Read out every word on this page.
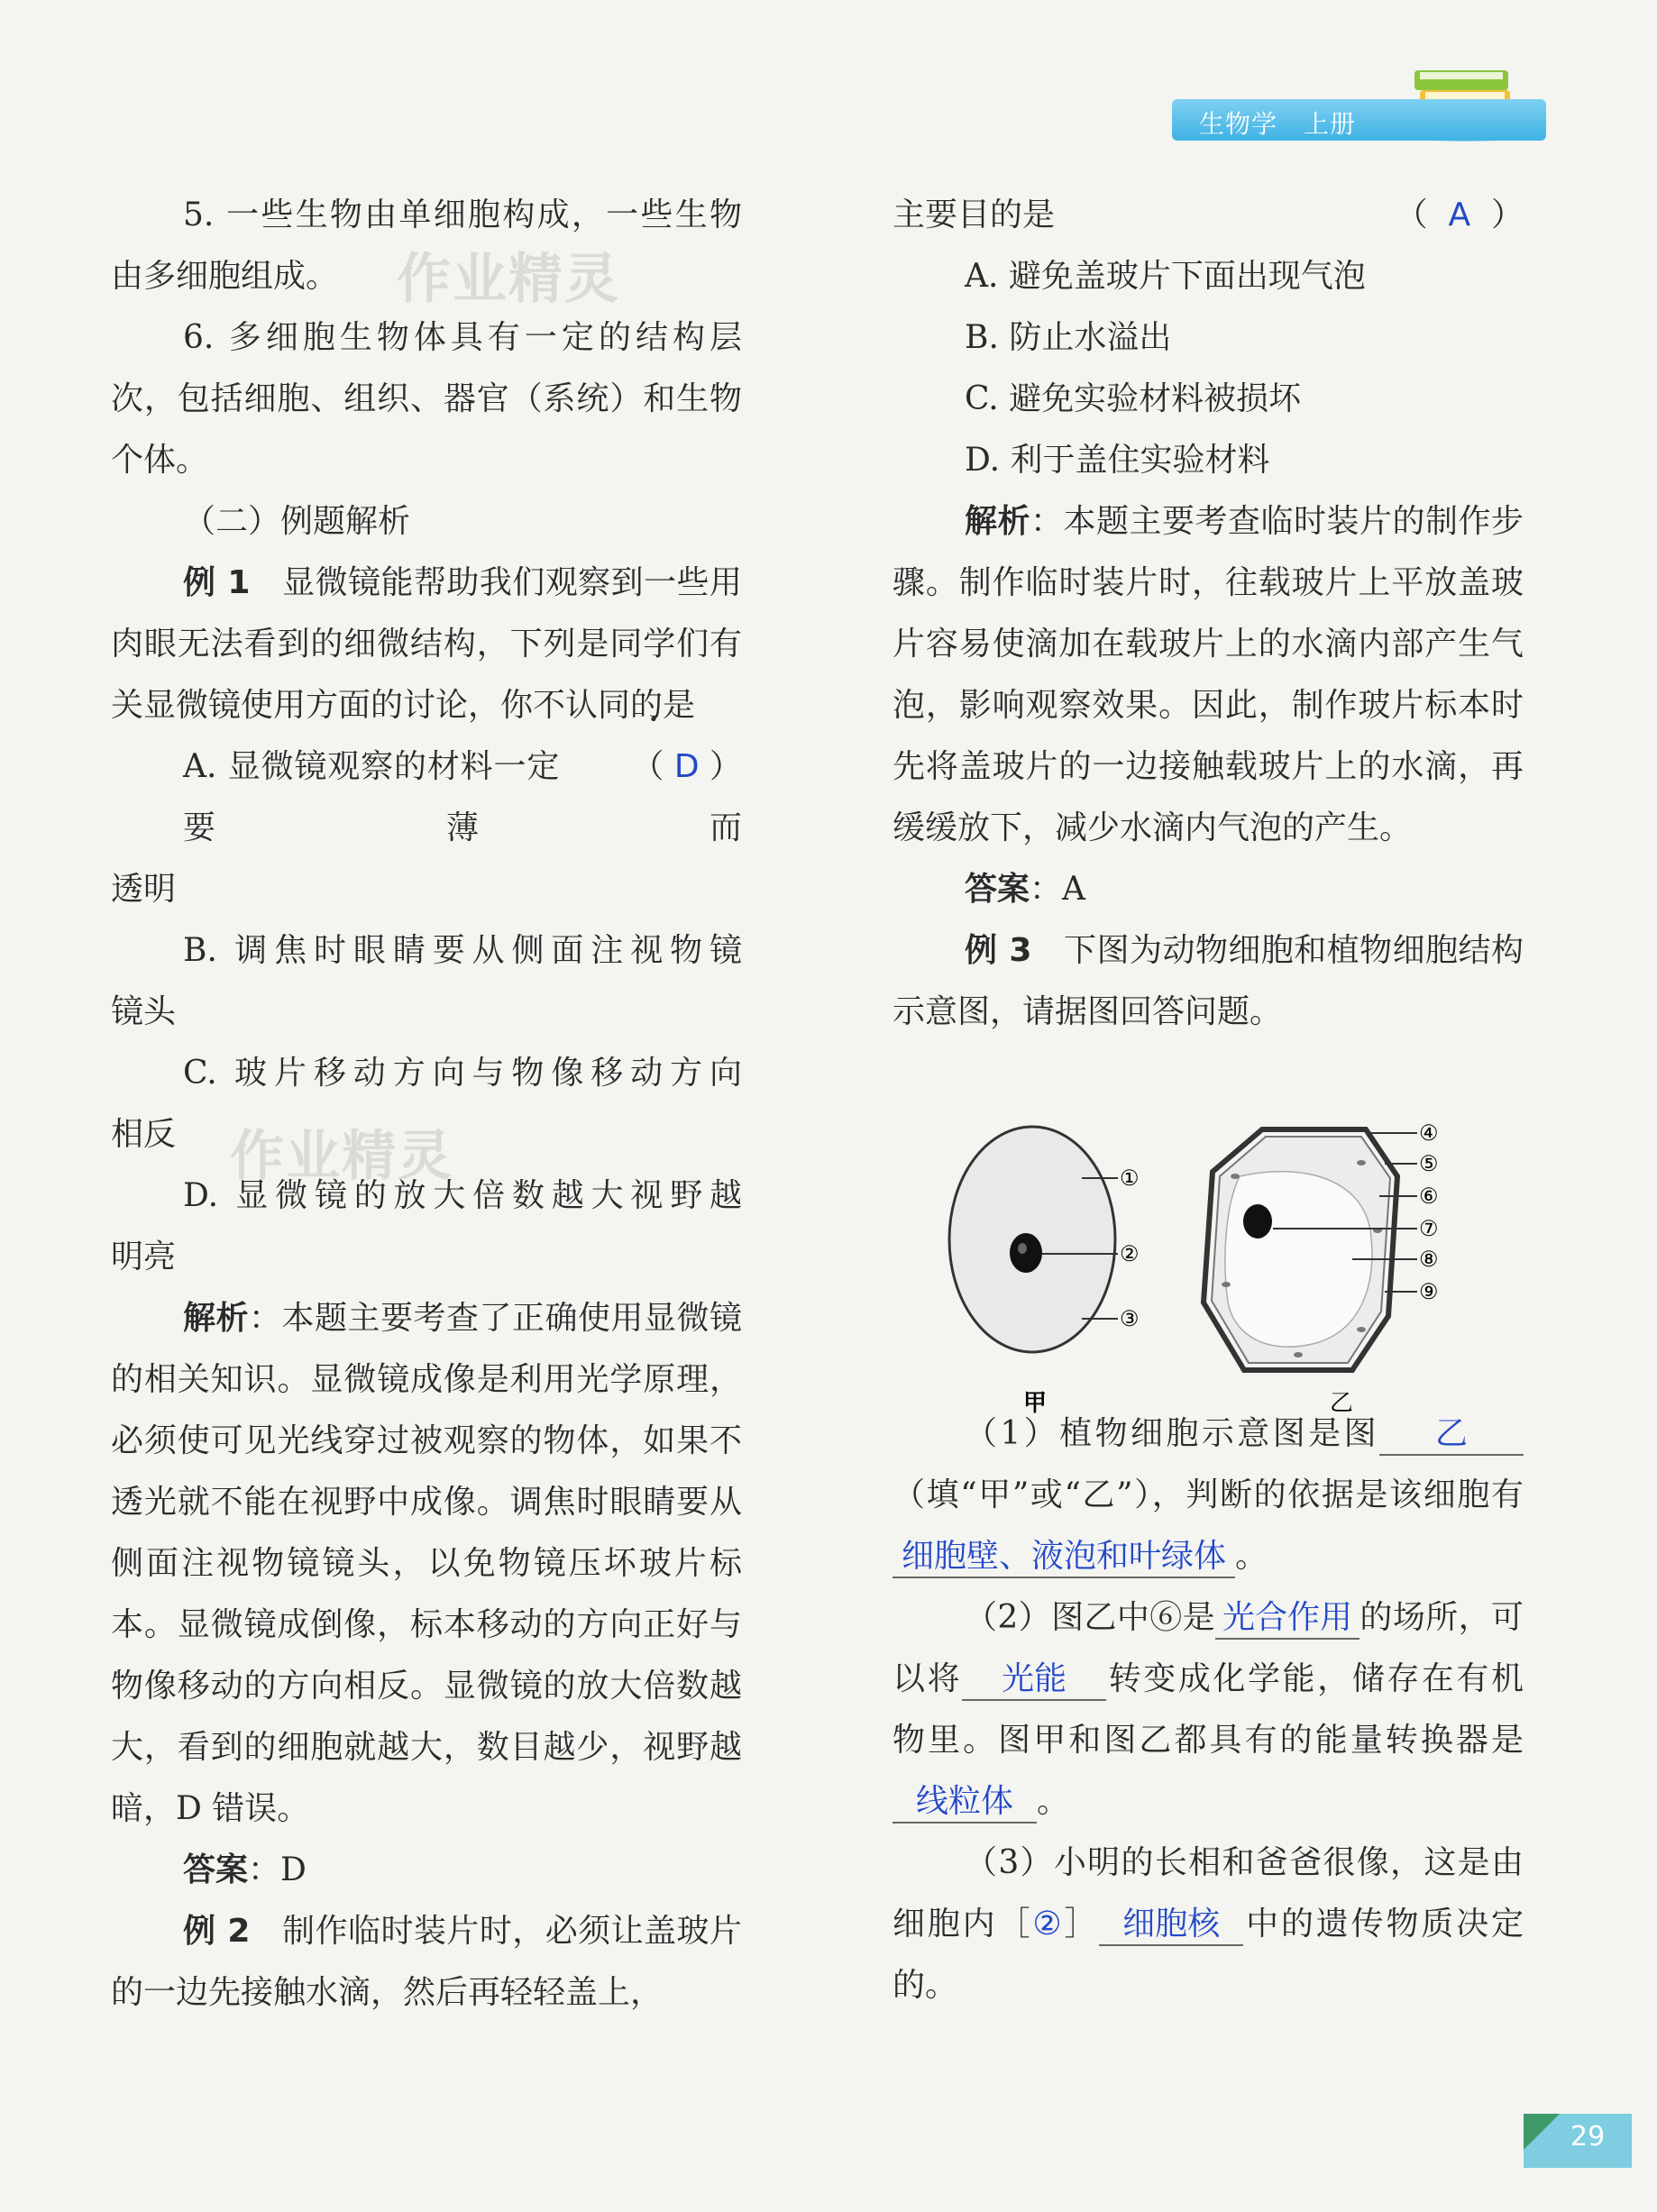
生物学　上册
作业精灵
作业精灵

5. 一些生物由单细胞构成，一些生物由多细胞组成。

6. 多细胞生物体具有一定的结构层次，包括细胞、组织、器官（系统）和生物个体。

（二）例题解析

例 1 显微镜能帮助我们观察到一些用肉眼无法看到的细微结构，下列是同学们有关显微镜使用方面的讨论，你不认同的是
（ D ）

A. 显微镜观察的材料一定要薄而

透明

B. 调焦时眼睛要从侧面注视物镜

镜头

C. 玻片移动方向与物像移动方向

相反

D. 显微镜的放大倍数越大视野越

明亮

解析：本题主要考查了正确使用显微镜的相关知识。显微镜成像是利用光学原理，必须使可见光线穿过被观察的物体，如果不透光就不能在视野中成像。调焦时眼睛要从侧面注视物镜镜头，以免物镜压坏玻片标本。显微镜成倒像，标本移动的方向正好与物像移动的方向相反。显微镜的放大倍数越大，看到的细胞就越大，数目越少，视野越暗，D 错误。

答案：D

例 2 制作临时装片时，必须让盖玻片的一边先接触水滴，然后再轻轻盖上，

主要目的是	（  A  ）

A. 避免盖玻片下面出现气泡

B. 防止水溢出

C. 避免实验材料被损坏

D. 利于盖住实验材料

解析：本题主要考查临时装片的制作步骤。制作临时装片时，往载玻片上平放盖玻片容易使滴加在载玻片上的水滴内部产生气泡，影响观察效果。因此，制作玻片标本时先将盖玻片的一边接触载玻片上的水滴，再缓缓放下，减少水滴内气泡的产生。

答案：A

例 3 下图为动物细胞和植物细胞结构示意图，请据图回答问题。

（1）植物细胞示意图是图 乙（填“甲”或“乙”），判断的依据是该细胞有细胞壁、液泡和叶绿体 。

（2）图乙中⑥是 光合作用 的场所，可以将 光能 转变成化学能，储存在有机物里。图甲和图乙都具有的能量转换器是线粒体 。

（3）小明的长相和爸爸很像，这是由细胞内［②］ 细胞核 中的遗传物质决定的。

①
②
③
甲
④
⑤
⑥
⑦
⑧
⑨
乙
29
